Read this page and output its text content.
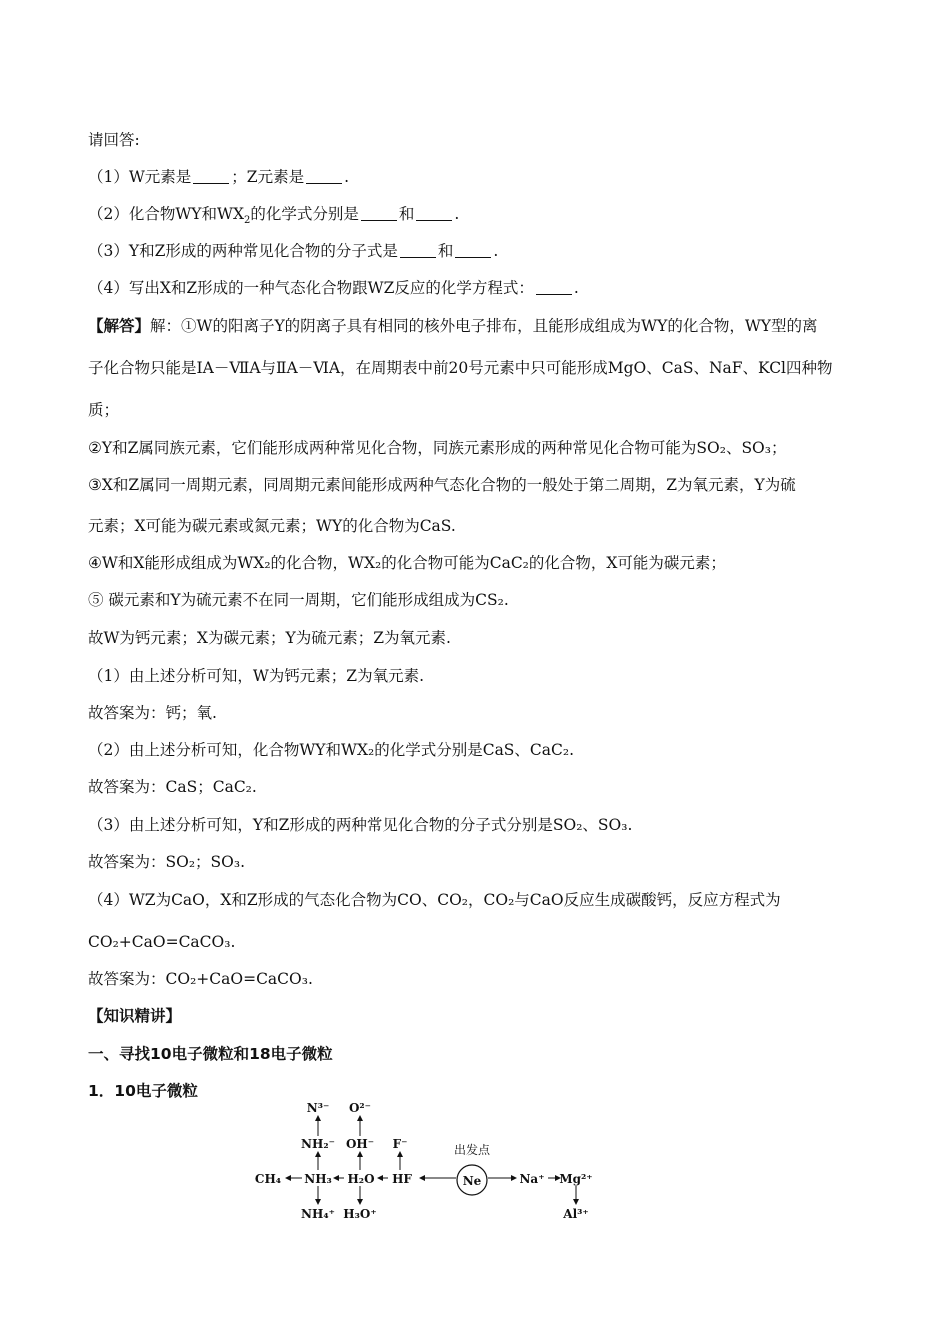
请回答:
（1）W元素是	；Z元素是	.
（2）化合物WY和$WX_2$的化学式分别是	和	.
（3）Y和Z形成的两种常见化合物的分子式是	和	.
（4）写出X和Z形成的一种气态化合物跟WZ反应的化学方程式：	.
【解答】解：①W的阳离子Y的阴离子具有相同的核外电子排布，且能形成组成为WY的化合物，WY型的离
子化合物只能是ⅠA－ⅦA与ⅡA－ⅥA，在周期表中前20号元素中只可能形成MgO、CaS、NaF、KCl四种物
质；
②Y和Z属同族元素，它们能形成两种常见化合物，同族元素形成的两种常见化合物可能为SO₂、SO₃；
③X和Z属同一周期元素，同周期元素间能形成两种气态化合物的一般处于第二周期，Z为氧元素，Y为硫
元素；X可能为碳元素或氮元素；WY的化合物为CaS.
④W和X能形成组成为WX₂的化合物，WX₂的化合物可能为CaC₂的化合物，X可能为碳元素；
⑤ 碳元素和Y为硫元素不在同一周期，它们能形成组成为CS₂.
故W为钙元素；X为碳元素；Y为硫元素；Z为氧元素.
（1）由上述分析可知，W为钙元素；Z为氧元素.
故答案为：钙；氧.
（2）由上述分析可知，化合物WY和WX₂的化学式分别是CaS、CaC₂.
故答案为：CaS；CaC₂.
（3）由上述分析可知，Y和Z形成的两种常见化合物的分子式分别是SO₂、SO₃.
故答案为：SO₂；SO₃.
（4）WZ为CaO，X和Z形成的气态化合物为CO、CO₂，CO₂与CaO反应生成碳酸钙，反应方程式为
CO₂+CaO=CaCO₃.
故答案为：CO₂+CaO=CaCO₃.
【知识精讲】
一、寻找10电子微粒和18电子微粒
1．10电子微粒
Ne
出发点
N³⁻
NH₂⁻
CH₄ NH₃
NH₄⁺
O²⁻
OH⁻
H₂O
H₃O⁺
F⁻
HF	Na⁺ Mg²⁺
Al³⁺
